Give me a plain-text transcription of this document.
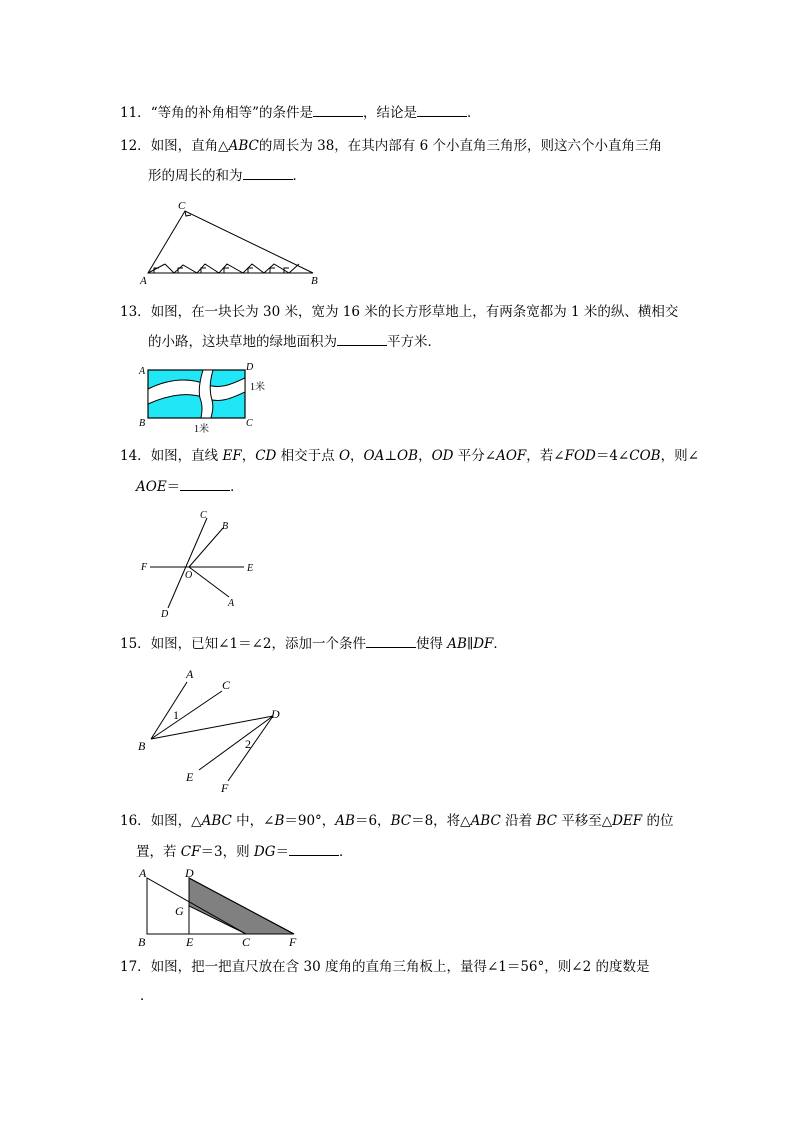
11．“等角的补角相等”的条件是	，结论是	．
12．如图，直角△ABC的周长为 38，在其内部有 6 个小直角三角形，则这六个小直角三角
形的周长的和为	．
C
A	B
13．如图，在一块长为 30 米，宽为 16 米的长方形草地上，有两条宽都为 1 米的纵、横相交
的小路，这块草地的绿地面积为	平方米．
A	D
B	C
1米
1米
14．如图，直线 EF，CD 相交于点 O，OA⊥OB，OD 平分∠AOF，若∠FOD＝4∠COB，则∠
AOE＝	．
F	E
C
B
O
A
D
15．如图，已知∠1＝∠2，添加一个条件	使得 AB∥DF．
A
C
D
B
E
F
1
2
16．如图，△ABC 中，∠B＝90°，AB＝6，BC＝8，将△ABC 沿着 BC 平移至△DEF 的位
置，若 CF＝3，则 DG＝	．
A	D
G
B	E	C	F
17．如图，把一把直尺放在含 30 度角的直角三角板上，量得∠1＝56°，则∠2 的度数是
．
